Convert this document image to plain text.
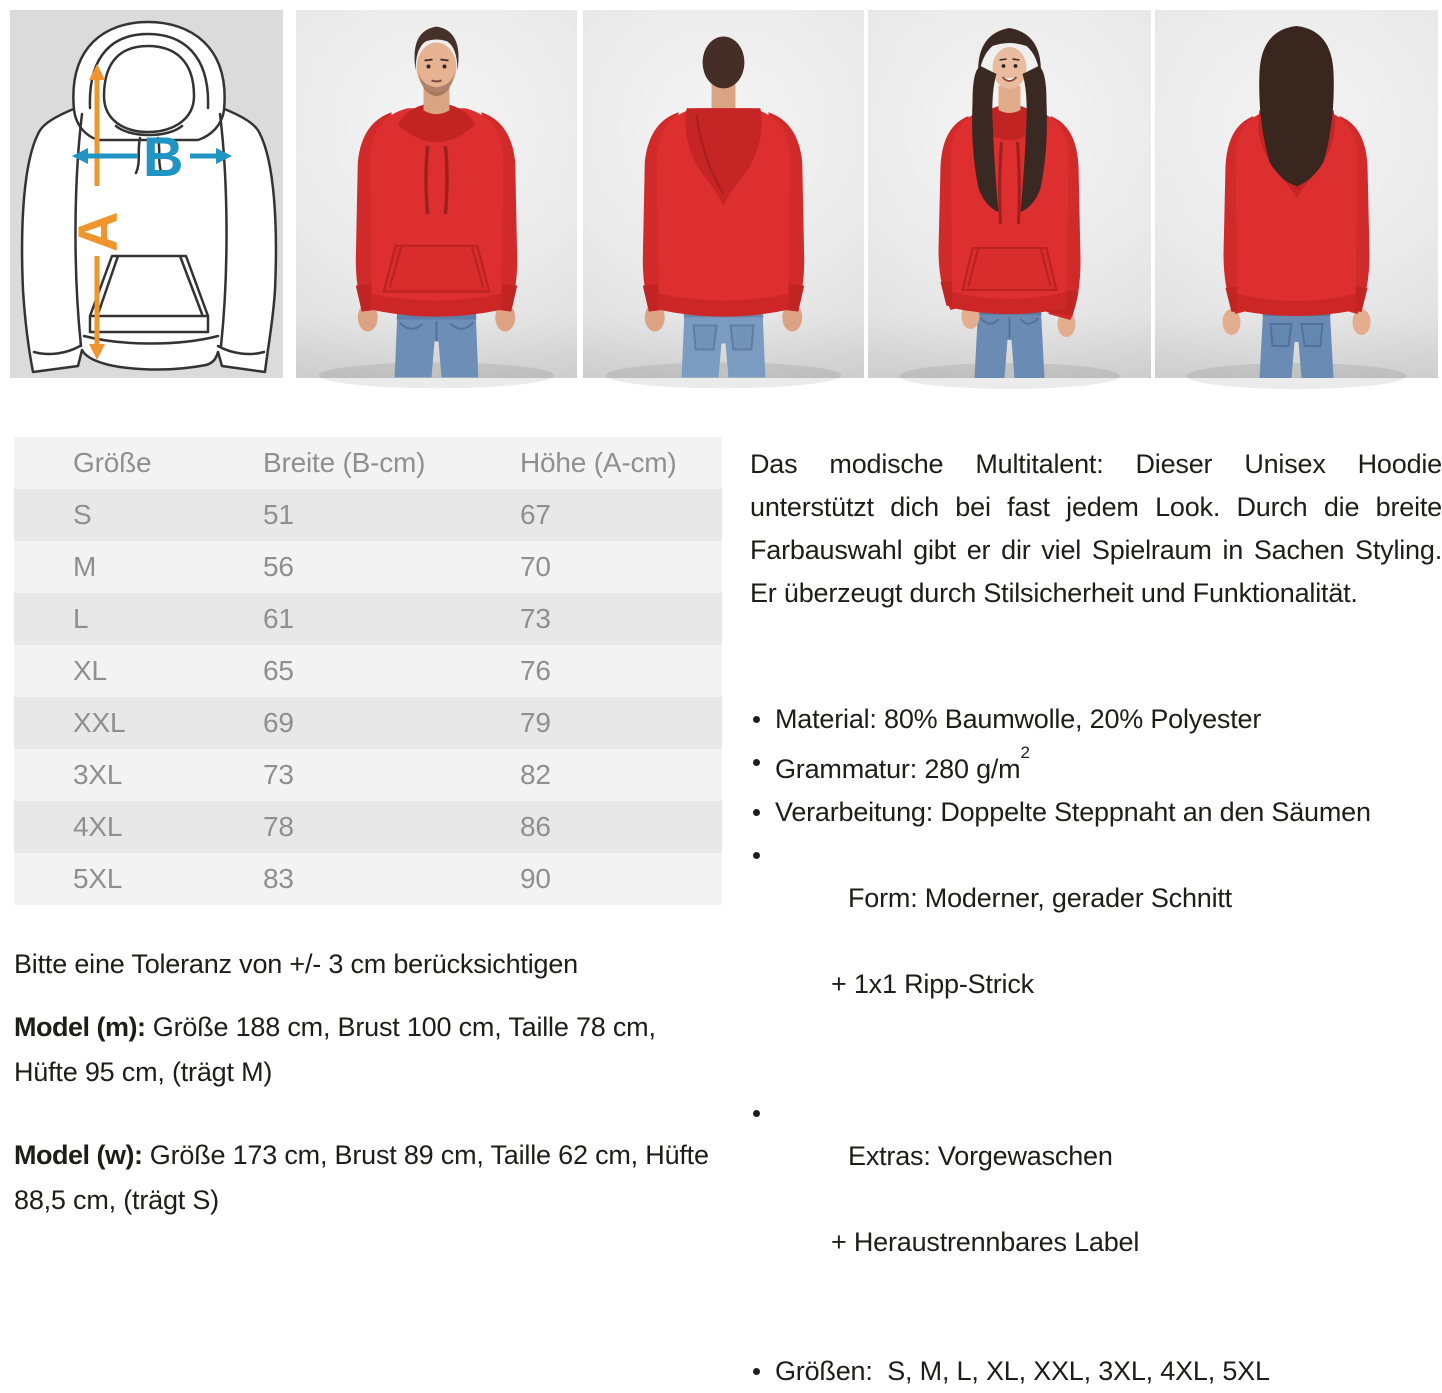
A
B
Größe	Breite (B-cm)	Höhe (A-cm)
S	51	67
M	56	70
L	61	73
XL	65	76
XXL	69	79
3XL	73	82
4XL	78	86
5XL	83	90
Bitte eine Toleranz von +/- 3 cm berücksichtigen
Model (m): Größe 188 cm, Brust 100 cm, Taille 78 cm, Hüfte 95 cm, (trägt M)
Model (w): Größe 173 cm, Brust 89 cm, Taille 62 cm, Hüfte 88,5 cm, (trägt S)

Das modische Multitalent: Dieser Unisex Hoodie unterstützt dich bei fast jedem Look. Durch die breite Farbauswahl gibt er dir viel Spielraum in Sachen Styling. Er überzeugt durch Stilsicherheit und Funktionalität.

Material: 80% Baumwolle, 20% Polyester
Grammatur: 280 $g/m^2$
Verarbeitung: Doppelte Steppnaht an den Säumen

Form: Moderner, gerader Schnitt

+ 1x1 Ripp-Strick

Extras: Vorgewaschen

+ Heraustrennbares Label

Größen:  S, M, L, XL, XXL, 3XL, 4XL, 5XL
